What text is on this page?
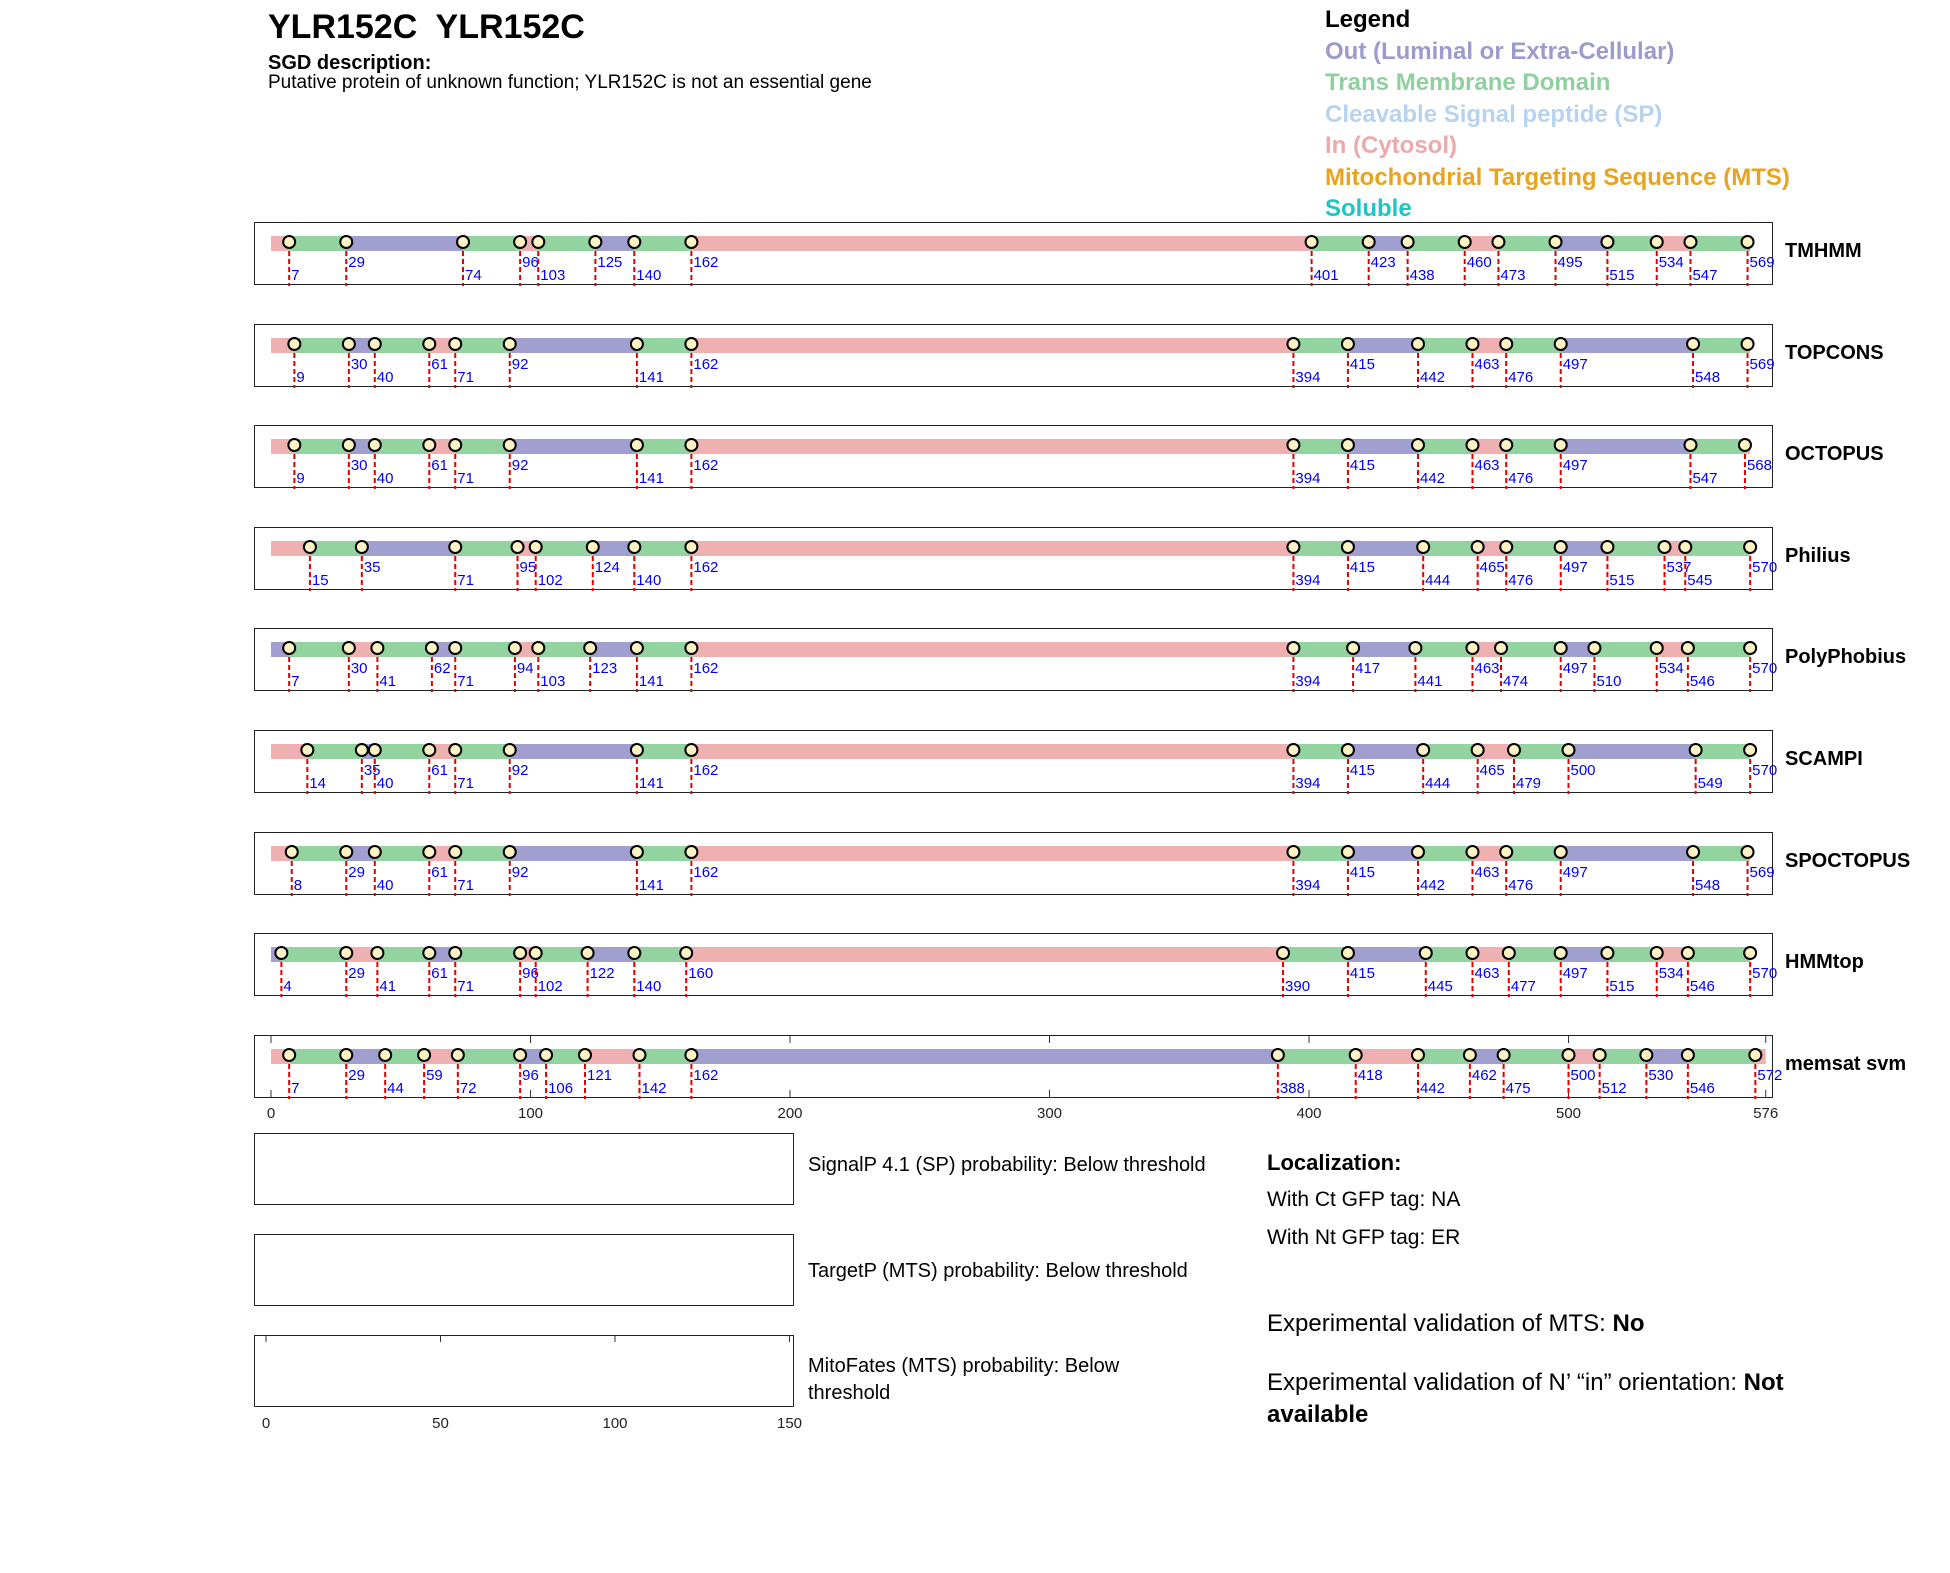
YLR152C  YLR152C
SGD description:
Putative protein of unknown function; YLR152C is not an essential gene
Legend
Out (Luminal or Extra-Cellular)
Trans Membrane Domain
Cleavable Signal peptide (SP)
In (Cytosol)
Mitochondrial Targeting Sequence (MTS)
Soluble
7
29
74
96
103
125
140
162
401
423
438
460
473
495
515
534
547
569
TMHMM
9
30
40
61
71
92
141
162
394
415
442
463
476
497
548
569
TOPCONS
9
30
40
61
71
92
141
162
394
415
442
463
476
497
547
568
OCTOPUS
15
35
71
95
102
124
140
162
394
415
444
465
476
497
515
537
545
570
Philius
7
30
41
62
71
94
103
123
141
162
394
417
441
463
474
497
510
534
546
570
PolyPhobius
14
35
40
61
71
92
141
162
394
415
444
465
479
500
549
570
SCAMPI
8
29
40
61
71
92
141
162
394
415
442
463
476
497
548
569
SPOCTOPUS
4
29
41
61
71
96
102
122
140
160
390
415
445
463
477
497
515
534
546
570
HMMtop
0	100	200	300	400	500	576
7
29
44
59
72
96
106
121
142
162
388
418
442
462
475
500
512
530
546
572
memsat svm
SignalP 4.1 (SP) probability: Below threshold
TargetP (MTS) probability: Below threshold
0	50	100	150
MitoFates (MTS) probability: Below threshold
Localization:
With Ct GFP tag: NA
With Nt GFP tag: ER
Experimental validation of MTS: No
Experimental validation of N’ “in” orientation: Not available
